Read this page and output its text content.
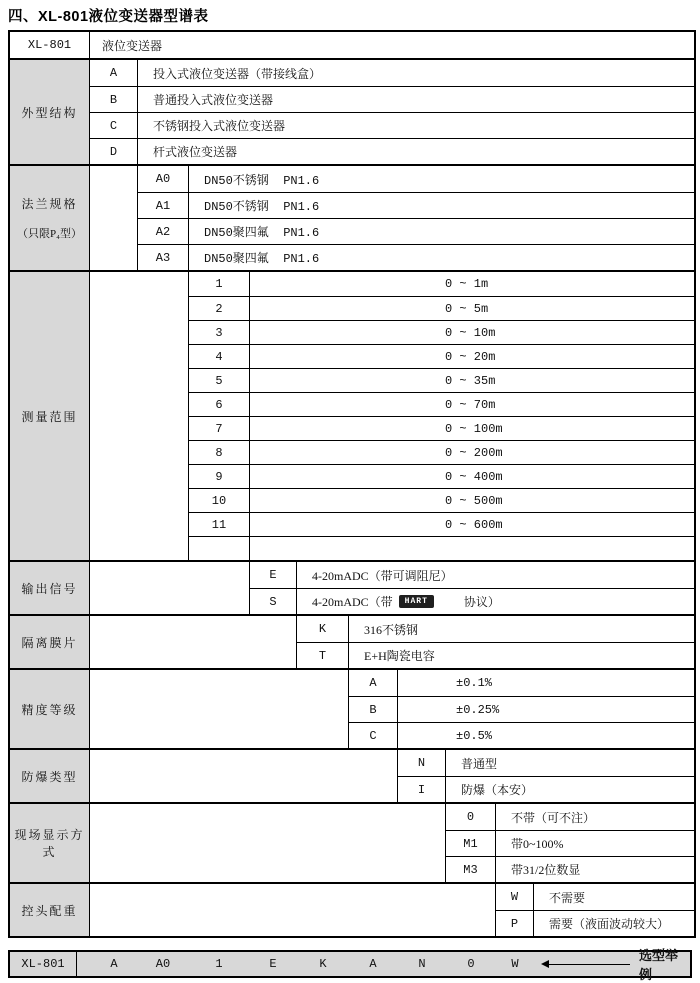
四、XL-801液位变送器型谱表
XL-801	液位变送器
外型结构
A	投入式液位变送器（带接线盒）
B	普通投入式液位变送器
C	不锈钢投入式液位变送器
D	杆式液位变送器
法兰规格
（只限P₄型）
A0	DN50不锈钢  PN1.6
A1	DN50不锈钢  PN1.6
A2	DN50聚四氟  PN1.6
A3	DN50聚四氟  PN1.6
测量范围
1	0 ~ 1m
2	0 ~ 5m
3	0 ~ 10m
4	0 ~ 20m
5	0 ~ 35m
6	0 ~ 70m
7	0 ~ 100m
8	0 ~ 200m
9	0 ~ 400m
10	0 ~ 500m
11	0 ~ 600m
输出信号
E	4-20mADC（带可调阻尼）
S	4-20mADC（带	HART	协议）
隔离膜片
K	316不锈钢
T	E+H陶瓷电容
精度等级
A	±0.1%
B	±0.25%
C	±0.5%
防爆类型
N	普通型
I	防爆（本安）
现场显示方式
0	不带（可不注）
M1	带0~100%
M3	带31/2位数显
控头配重
W	不需要
P	需要（液面波动较大）
XL-801	A	A0	1	E	K	A	N	0	W
选型举例
